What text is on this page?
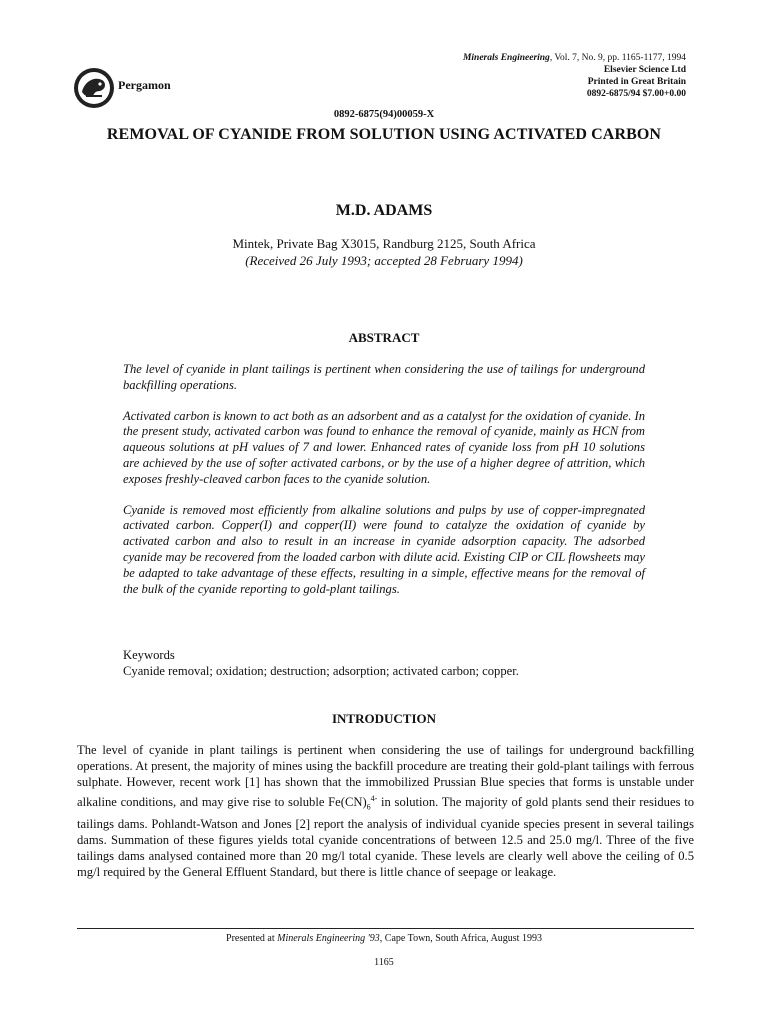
Pergamon
Minerals Engineering, Vol. 7, No. 9, pp. 1165-1177, 1994
Elsevier Science Ltd
Printed in Great Britain
0892-6875/94 $7.00+0.00
0892-6875(94)00059-X
REMOVAL OF CYANIDE FROM SOLUTION USING ACTIVATED CARBON
M.D. ADAMS
Mintek, Private Bag X3015, Randburg 2125, South Africa
(Received 26 July 1993; accepted 28 February 1994)
ABSTRACT

The level of cyanide in plant tailings is pertinent when considering the use of tailings for underground backfilling operations.

Activated carbon is known to act both as an adsorbent and as a catalyst for the oxidation of cyanide. In the present study, activated carbon was found to enhance the removal of cyanide, mainly as HCN from aqueous solutions at pH values of 7 and lower. Enhanced rates of cyanide loss from pH 10 solutions are achieved by the use of softer activated carbons, or by the use of a higher degree of attrition, which exposes freshly-cleaved carbon faces to the cyanide solution.

Cyanide is removed most efficiently from alkaline solutions and pulps by use of copper-impregnated activated carbon. Copper(I) and copper(II) were found to catalyze the oxidation of cyanide by activated carbon and also to result in an increase in cyanide adsorption capacity. The adsorbed cyanide may be recovered from the loaded carbon with dilute acid. Existing CIP or CIL flowsheets may be adapted to take advantage of these effects, resulting in a simple, effective means for the removal of the bulk of the cyanide reporting to gold-plant tailings.

Keywords
Cyanide removal; oxidation; destruction; adsorption; activated carbon; copper.
INTRODUCTION

The level of cyanide in plant tailings is pertinent when considering the use of tailings for underground backfilling operations. At present, the majority of mines using the backfill procedure are treating their gold-plant tailings with ferrous sulphate. However, recent work [1] has shown that the immobilized Prussian Blue species that forms is unstable under alkaline conditions, and may give rise to soluble $Fe(CN)_6^{4-}$ in solution. The majority of gold plants send their residues to tailings dams. Pohlandt-Watson and Jones [2] report the analysis of individual cyanide species present in several tailings dams. Summation of these figures yields total cyanide concentrations of between 12.5 and 25.0 mg/l. Three of the five tailings dams analysed contained more than 20 mg/l total cyanide. These levels are clearly well above the ceiling of 0.5 mg/l required by the General Effluent Standard, but there is little chance of seepage or leakage.

Presented at Minerals Engineering '93, Cape Town, South Africa, August 1993
1165
